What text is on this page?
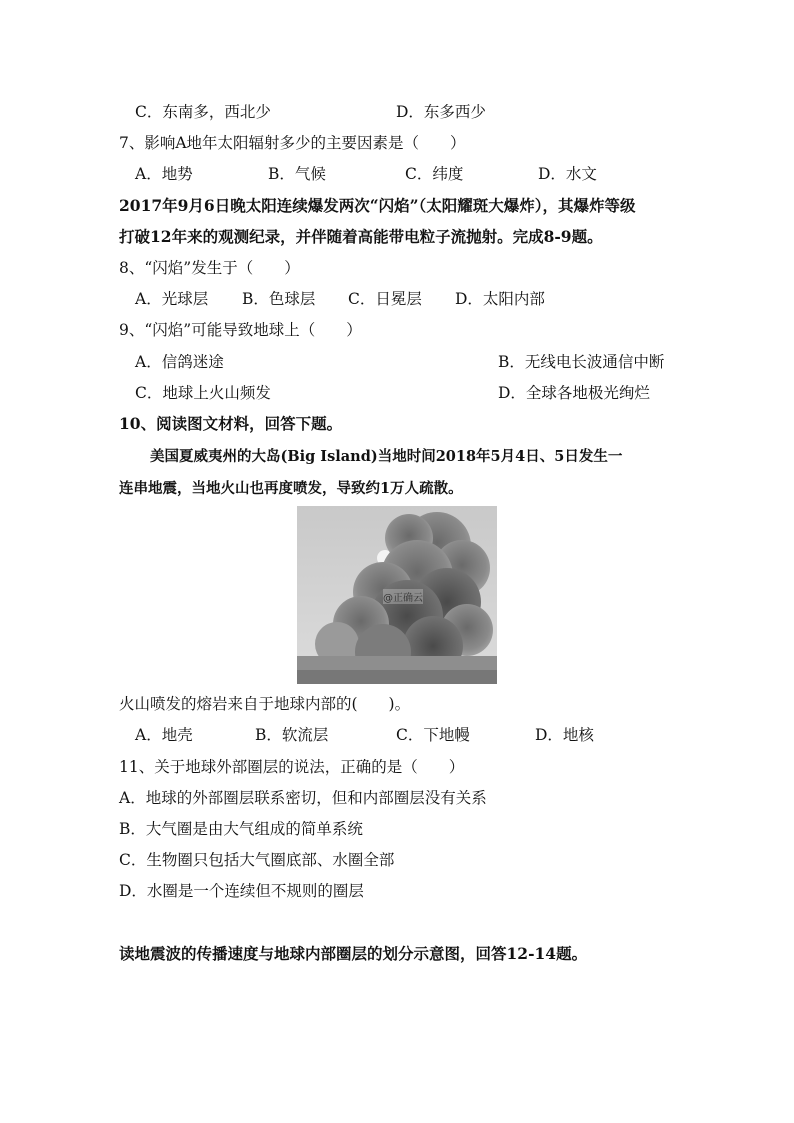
C．东南多，西北少	D．东多西少
7、影响A地年太阳辐射多少的主要因素是（　　）
A．地势	B．气候	C．纬度	D．水文
2017年9月6日晚太阳连续爆发两次“闪焰”（太阳耀斑大爆炸），其爆炸等级
打破12年来的观测纪录，并伴随着高能带电粒子流抛射。完成8-9题。
8、“闪焰”发生于（　　）
A．光球层 B．色球层 C．日冕层 D．太阳内部
9、“闪焰”可能导致地球上（　　）
A．信鸽迷途	B．无线电长波通信中断
C．地球上火山频发	D．全球各地极光绚烂
10、阅读图文材料，回答下题。
美国夏威夷州的大岛(Big Island)当地时间2018年5月4日、5日发生一
连串地震，当地火山也再度喷发，导致约1万人疏散。
@正确云
火山喷发的熔岩来自于地球内部的(　　)。
A．地壳	B．软流层	C．下地幔	D．地核
11、关于地球外部圈层的说法，正确的是（　　）
A．地球的外部圈层联系密切，但和内部圈层没有关系
B．大气圈是由大气组成的简单系统
C．生物圈只包括大气圈底部、水圈全部
D．水圈是一个连续但不规则的圈层
读地震波的传播速度与地球内部圈层的划分示意图，回答12-14题。
